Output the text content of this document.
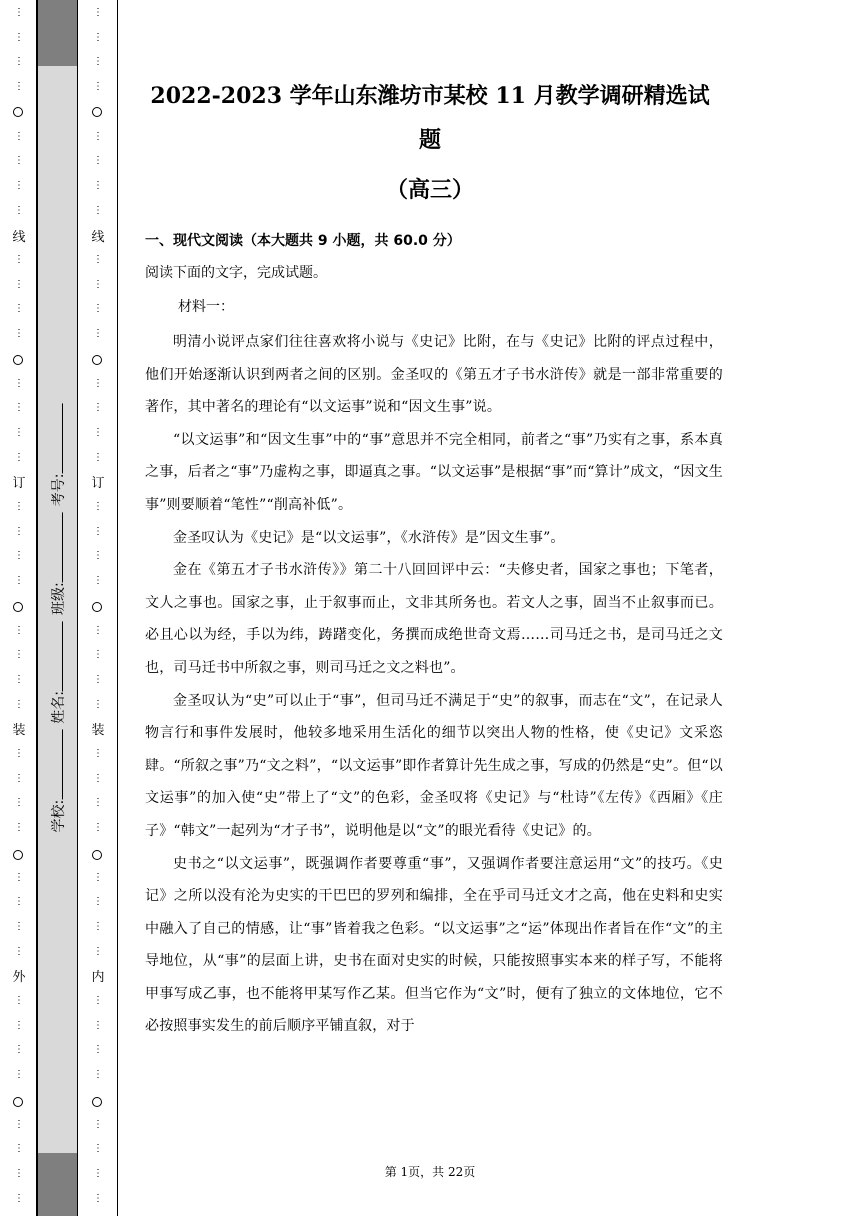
⋮
⋮
⋮
⋮
⋮
⋮
⋮
⋮
⋮
⋮
⋮
⋮
⋮
⋮
⋮
⋮
⋮
⋮
⋮
⋮
⋮
⋮
⋮
⋮
⋮
⋮
⋮
⋮
⋮
⋮
⋮
⋮
⋮
⋮
⋮
⋮
⋮
⋮
⋮
⋮
线
订
装
外
⋮
⋮
⋮
⋮
⋮
⋮
⋮
⋮
⋮
⋮
⋮
⋮
⋮
⋮
⋮
⋮
⋮
⋮
⋮
⋮
⋮
⋮
⋮
⋮
⋮
⋮
⋮
⋮
⋮
⋮
⋮
⋮
⋮
⋮
⋮
⋮
⋮
⋮
⋮
⋮
线
订
装
内
学校:姓名:班级:考号:
2022-2023 学年山东潍坊市某校 11 月教学调研精选试题
（高三）
一、现代文阅读（本大题共 9 小题，共 60.0 分）
阅读下面的文字，完成试题。
材料一：

明清小说评点家们往往喜欢将小说与《史记》比附，在与《史记》比附的评点过程中，他们开始逐渐认识到两者之间的区别。金圣叹的《第五才子书水浒传》就是一部非常重要的著作，其中著名的理论有“以文运事”说和“因文生事”说。

“以文运事”和“因文生事”中的“事”意思并不完全相同，前者之“事”乃实有之事，系本真之事，后者之“事”乃虚构之事，即逼真之事。“以文运事”是根据“事”而“算计”成文，“因文生事”则要顺着“笔性”“削高补低”。

金圣叹认为《史记》是“以文运事”，《水浒传》是”因文生事”。

金在《第五才子书水浒传》》第二十八回回评中云：“夫修史者，国家之事也；下笔者，文人之事也。国家之事，止于叙事而止，文非其所务也。若文人之事，固当不止叙事而已。必且心以为经，手以为纬，踌躇变化，务撰而成绝世奇文焉……司马迁之书，是司马迁之文也，司马迁书中所叙之事，则司马迁之文之料也”。

金圣叹认为“史”可以止于“事”，但司马迁不满足于“史”的叙事，而志在“文”，在记录人物言行和事件发展时，他较多地采用生活化的细节以突出人物的性格，使《史记》文采恣肆。“所叙之事”乃“文之料”，“以文运事”即作者算计先生成之事，写成的仍然是“史”。但“以文运事”的加入使“史”带上了“文”的色彩，金圣叹将《史记》与“杜诗”《左传》《西厢》《庄子》“韩文”一起列为“才子书”，说明他是以“文”的眼光看待《史记》的。

史书之“以文运事”，既强调作者要尊重“事”，又强调作者要注意运用“文”的技巧。《史记》之所以没有沦为史实的干巴巴的罗列和编排，全在乎司马迁文才之高，他在史料和史实中融入了自己的情感，让“事”皆着我之色彩。“以文运事”之“运”体现出作者旨在作“文”的主导地位，从“事”的层面上讲，史书在面对史实的时候，只能按照事实本来的样子写，不能将甲事写成乙事，也不能将甲某写作乙某。但当它作为“文”时，便有了独立的文体地位，它不必按照事实发生的前后顺序平铺直叙，对于

第 1页，共 22页
